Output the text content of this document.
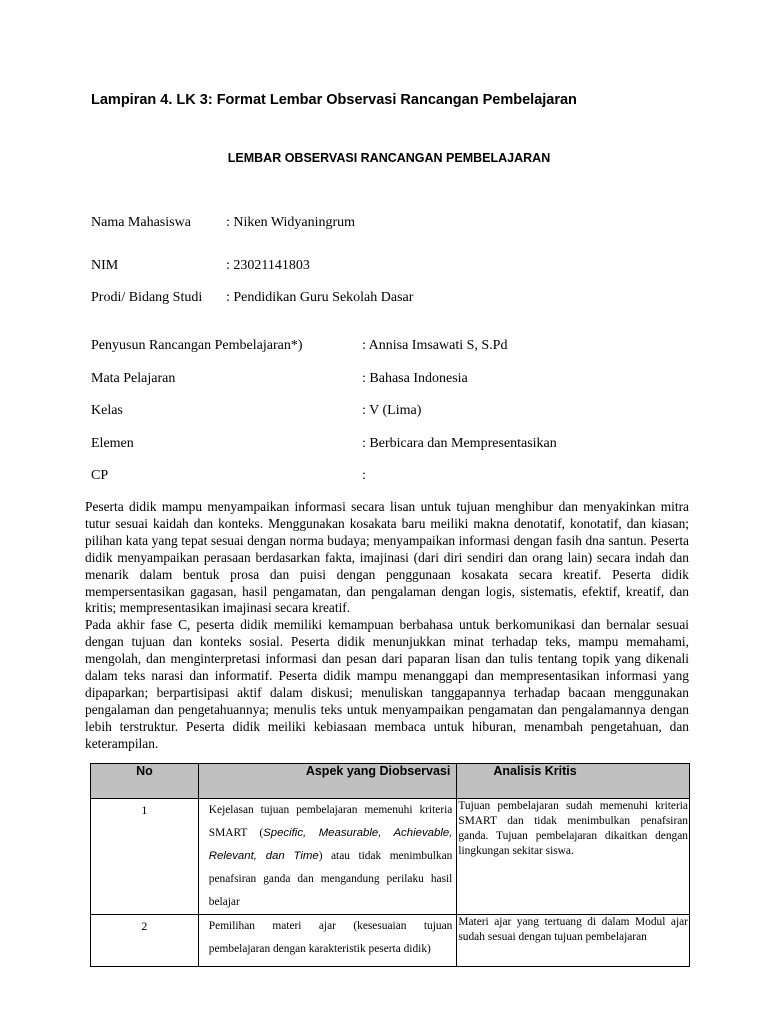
Lampiran 4. LK 3: Format Lembar Observasi Rancangan Pembelajaran
LEMBAR OBSERVASI RANCANGAN PEMBELAJARAN
Nama Mahasiswa	: Niken Widyaningrum
NIM	: 23021141803
Prodi/ Bidang Studi : Pendidikan Guru Sekolah Dasar
Penyusun Rancangan Pembelajaran*)	: Annisa Imsawati S, S.Pd
Mata Pelajaran	: Bahasa Indonesia
Kelas	: V (Lima)
Elemen	: Berbicara dan Mempresentasikan
CP	:

Peserta didik mampu menyampaikan informasi secara lisan untuk tujuan menghibur dan menyakinkan mitra tutur sesuai kaidah dan konteks. Menggunakan kosakata baru meiliki makna denotatif, konotatif, dan kiasan; pilihan kata yang tepat sesuai dengan norma budaya; menyampaikan informasi dengan fasih dna santun. Peserta didik menyampaikan perasaan berdasarkan fakta, imajinasi (dari diri sendiri dan orang lain) secara indah dan menarik dalam bentuk prosa dan puisi dengan penggunaan kosakata secara kreatif. Peserta didik mempersentasikan gagasan, hasil pengamatan, dan pengalaman dengan logis, sistematis, efektif, kreatif, dan kritis; mempresentasikan imajinasi secara kreatif.

Pada akhir fase C, peserta didik memiliki kemampuan berbahasa untuk berkomunikasi dan bernalar sesuai dengan tujuan dan konteks sosial. Peserta didik menunjukkan minat terhadap teks, mampu memahami, mengolah, dan menginterpretasi informasi dan pesan dari paparan lisan dan tulis tentang topik yang dikenali dalam teks narasi dan informatif. Peserta didik mampu menanggapi dan mempresentasikan informasi yang dipaparkan; berpartisipasi aktif dalam diskusi; menuliskan tanggapannya terhadap bacaan menggunakan pengalaman dan pengetahuannya; menulis teks untuk menyampaikan pengamatan dan pengalamannya dengan lebih terstruktur. Peserta didik meiliki kebiasaan membaca untuk hiburan, menambah pengetahuan, dan keterampilan.

No	Aspek yang Diobservasi	Analisis Kritis
1	Kejelasan tujuan pembelajaran memenuhi kriteria SMART (Specific, Measurable, Achievable, Relevant, dan Time) atau tidak menimbulkan penafsiran ganda dan mengandung perilaku hasil belajar	Tujuan pembelajaran sudah memenuhi kriteria SMART dan tidak menimbulkan penafsiran ganda. Tujuan pembelajaran dikaitkan dengan lingkungan sekitar siswa.
2	Pemilihan materi ajar (kesesuaian tujuan pembelajaran dengan karakteristik peserta didik)	Materi ajar yang tertuang di dalam Modul ajar sudah sesuai dengan tujuan pembelajaran
